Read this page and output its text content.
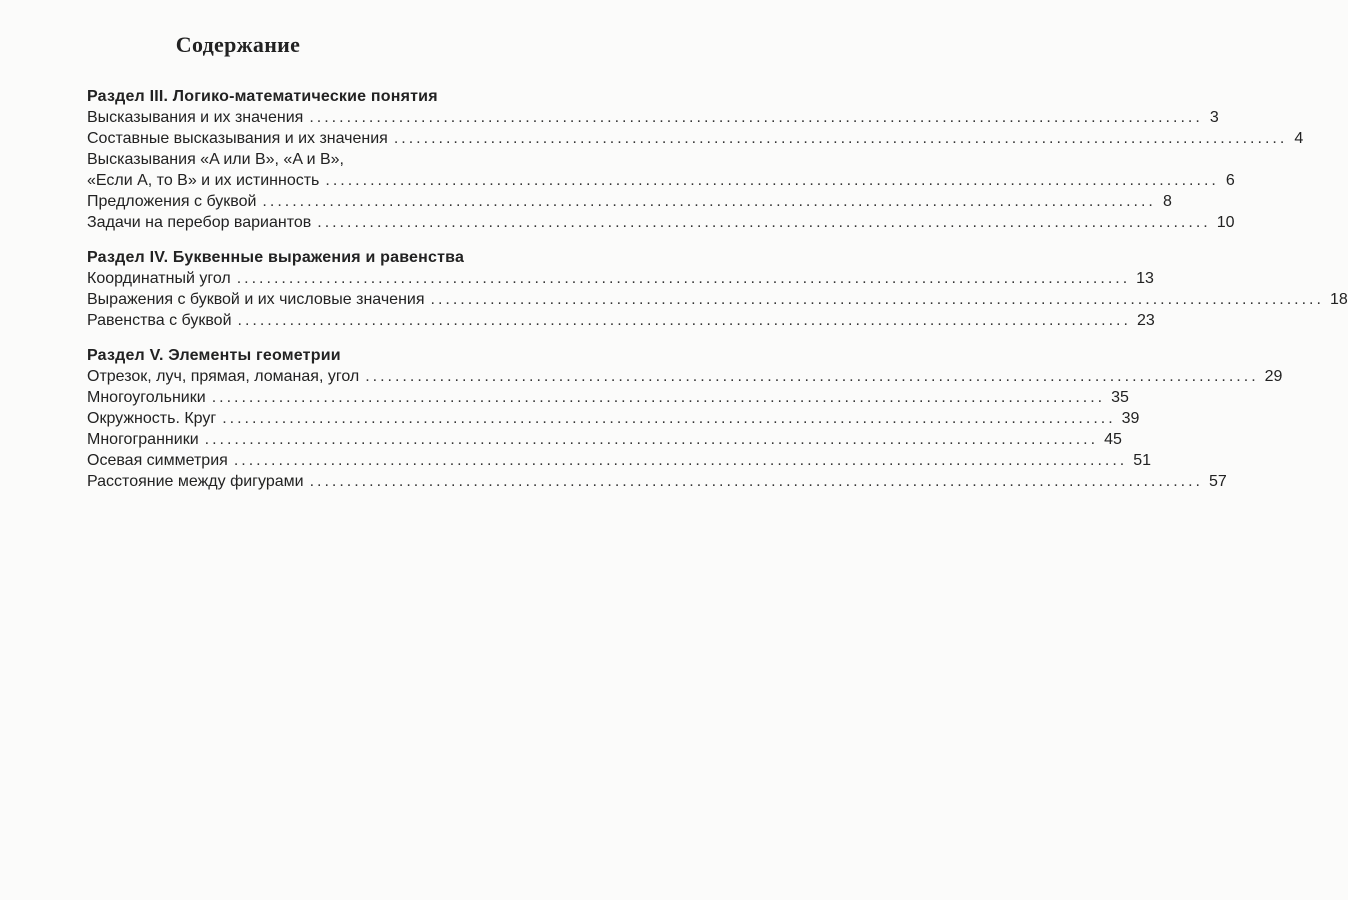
Содержание
Раздел III. Логико-математические понятия
Высказывания и их значения ........................................................................................................................ 3
Составные высказывания и их значения ........................................................................................................................ 4
Высказывания «A или B», «A и B»,
«Если A, то B» и их истинность ........................................................................................................................ 6
Предложения с буквой ........................................................................................................................ 8
Задачи на перебор вариантов ........................................................................................................................ 10
Раздел IV. Буквенные выражения и равенства
Координатный угол ........................................................................................................................ 13
Выражения с буквой и их числовые значения ........................................................................................................................ 18
Равенства с буквой ........................................................................................................................ 23
Раздел V. Элементы геометрии
Отрезок, луч, прямая, ломаная, угол ........................................................................................................................ 29
Многоугольники ........................................................................................................................ 35
Окружность. Круг ........................................................................................................................ 39
Многогранники ........................................................................................................................ 45
Осевая симметрия ........................................................................................................................ 51
Расстояние между фигурами ........................................................................................................................ 57
